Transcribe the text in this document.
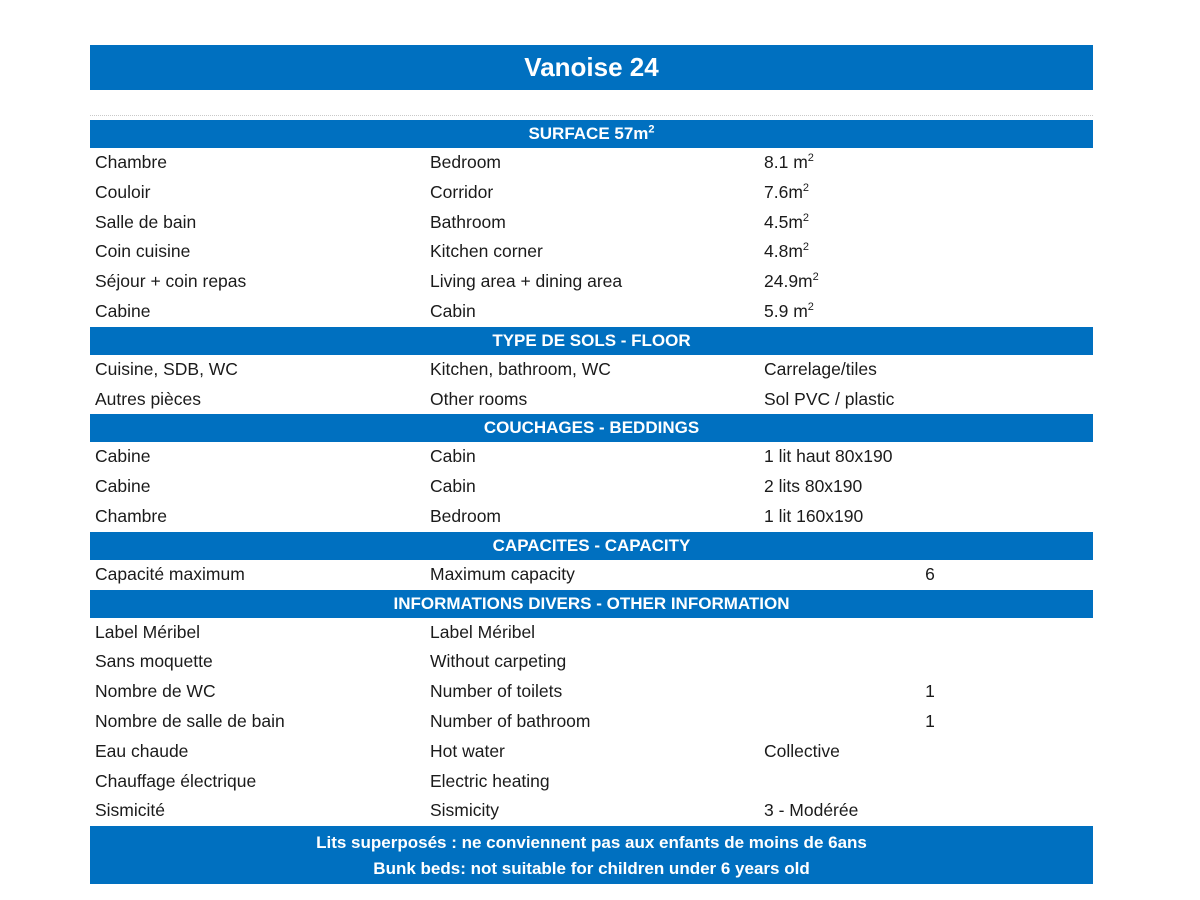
Vanoise 24
SURFACE $57m^2$
Chambre	Bedroom	8.1 $m^2$
Couloir	Corridor	$7.6m^2$
Salle de bain	Bathroom	$4.5m^2$
Coin cuisine	Kitchen corner	$4.8m^2$
Séjour + coin repas	Living area + dining area	$24.9m^2$
Cabine	Cabin	5.9 $m^2$
TYPE DE SOLS - FLOOR
Cuisine, SDB, WC	Kitchen, bathroom, WC	Carrelage/tiles
Autres pièces	Other rooms	Sol PVC / plastic
COUCHAGES - BEDDINGS
Cabine	Cabin	1 lit haut 80x190
Cabine	Cabin	2 lits 80x190
Chambre	Bedroom	1 lit 160x190
CAPACITES - CAPACITY
Capacité maximum	Maximum capacity	6
INFORMATIONS DIVERS - OTHER INFORMATION
Label Méribel	Label Méribel
Sans moquette	Without carpeting
Nombre de WC	Number of toilets	1
Nombre de salle de bain	Number of bathroom	1
Eau chaude	Hot water	Collective
Chauffage électrique	Electric heating
Sismicité	Sismicity	3 - Modérée
Lits superposés : ne conviennent pas aux enfants de moins de 6ans
Bunk beds: not suitable for children under 6 years old
